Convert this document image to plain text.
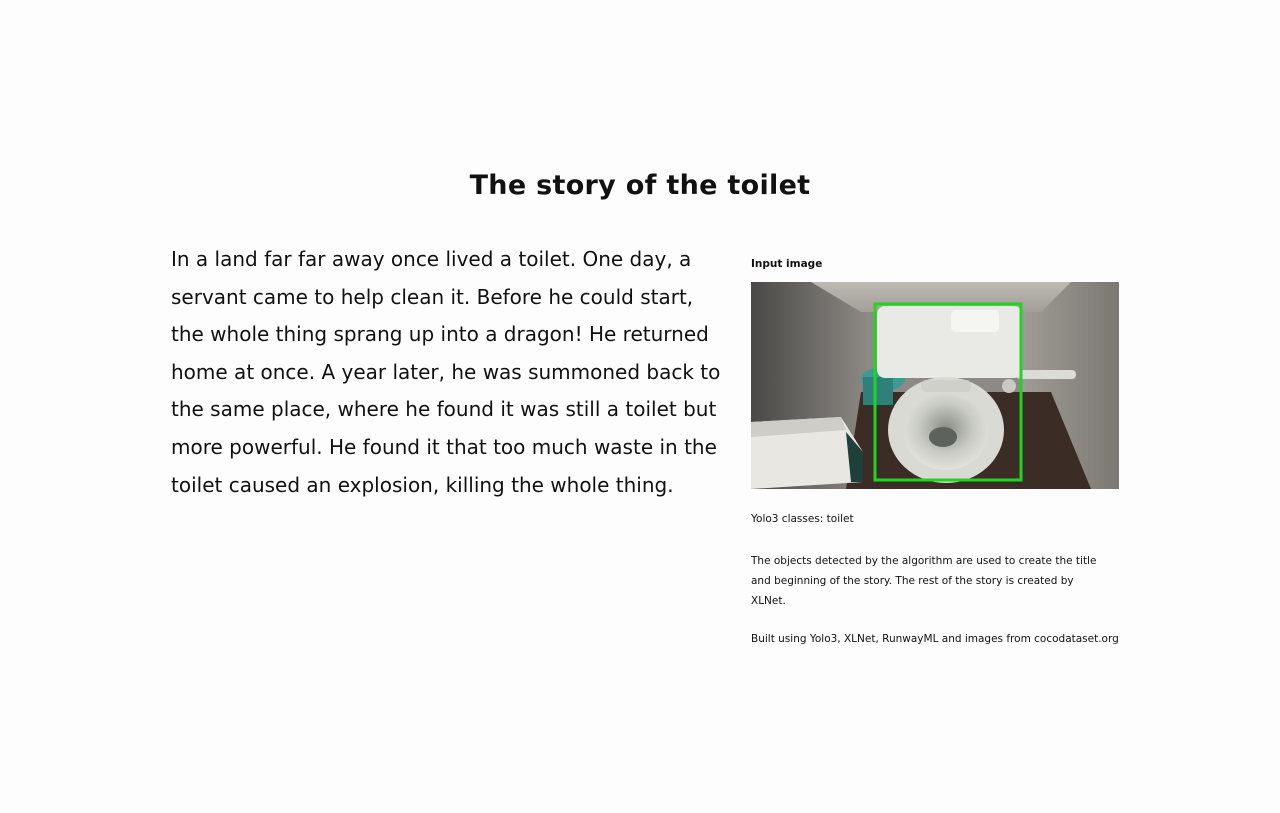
The story of the toilet
In a land far far away once lived a toilet. One day, a servant came to help clean it. Before he could start, the whole thing sprang up into a dragon! He returned home at once. A year later, he was summoned back to the same place, where he found it was still a toilet but more powerful. He found it that too much waste in the toilet caused an explosion, killing the whole thing.
Input image
Yolo3 classes: toilet
The objects detected by the algorithm are used to create the title and beginning of the story. The rest of the story is created by XLNet.
Built using Yolo3, XLNet, RunwayML and images from cocodataset.org
